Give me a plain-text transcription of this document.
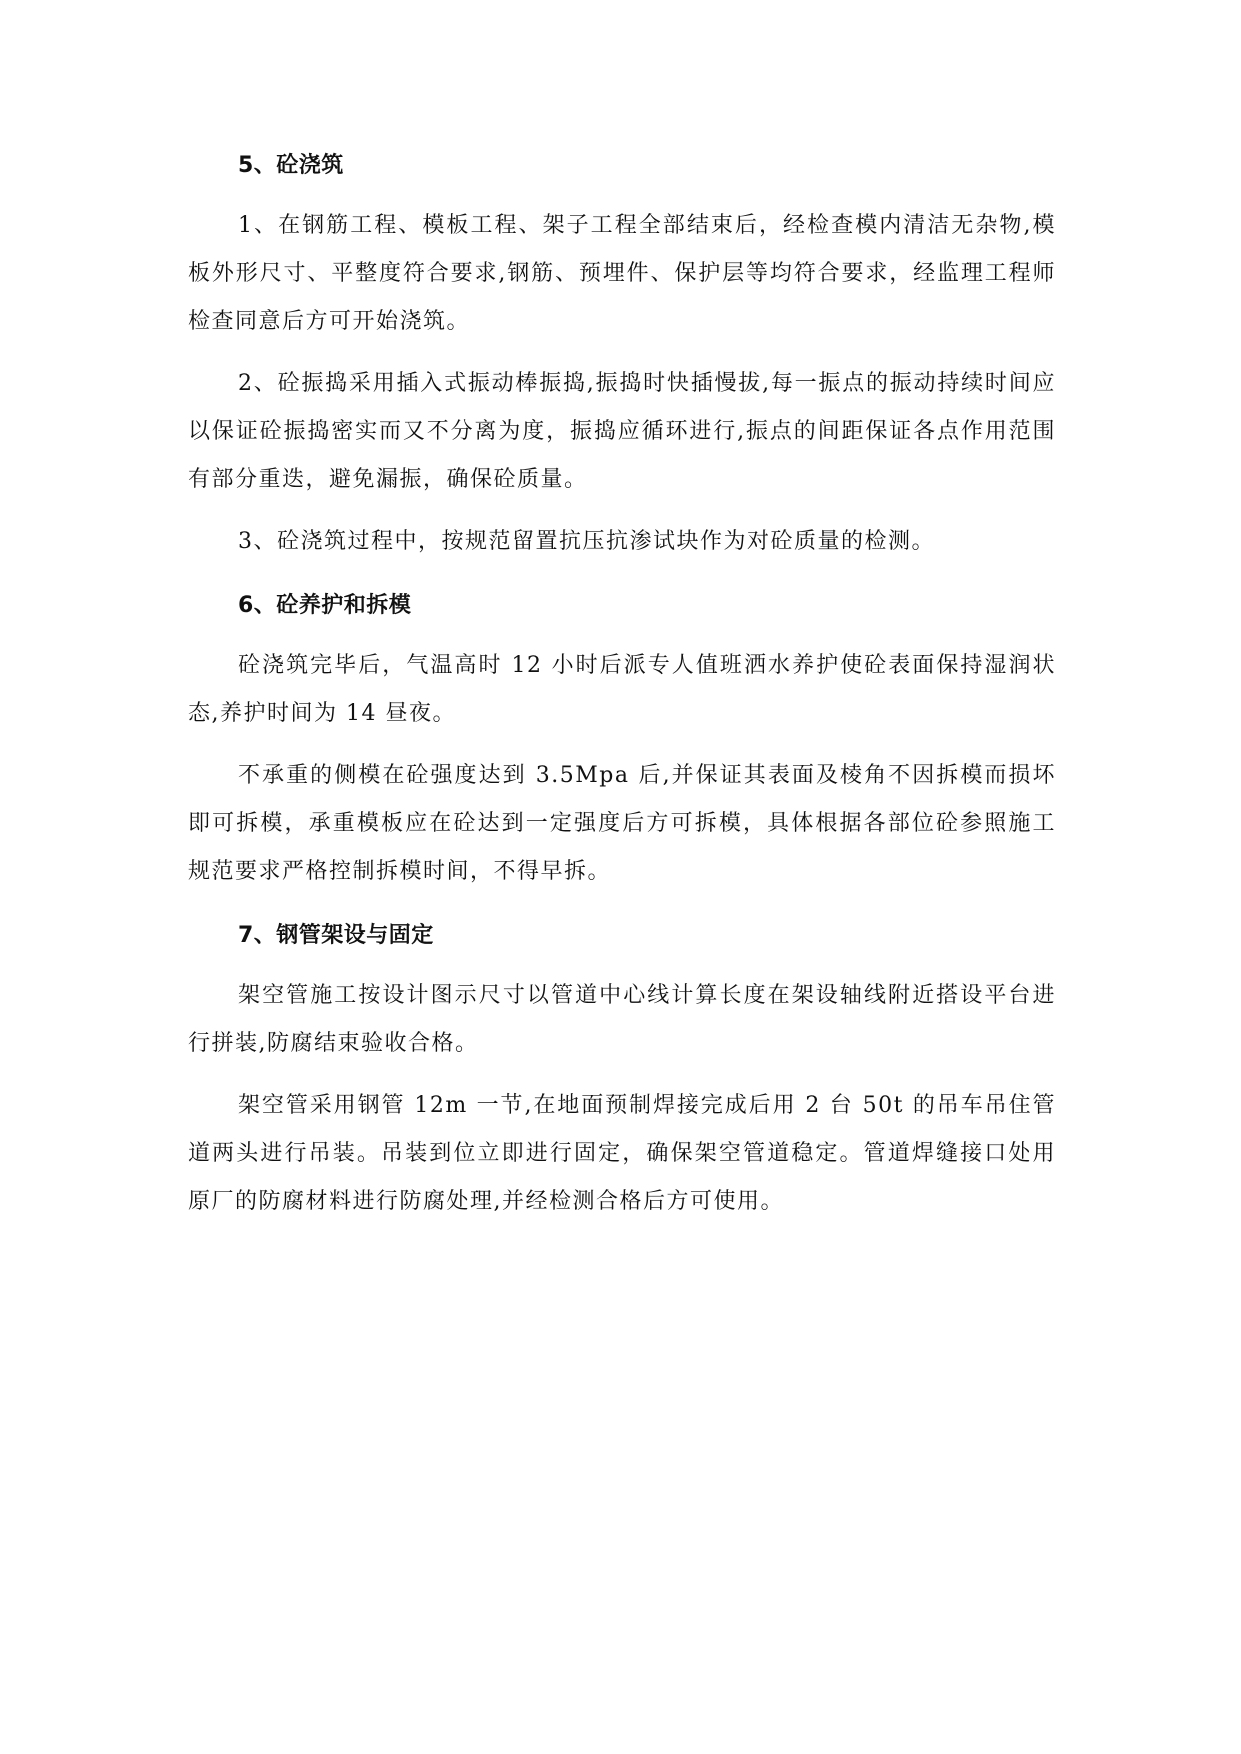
5、砼浇筑

1、在钢筋工程、模板工程、架子工程全部结束后，经检查模内清洁无杂物,模板外形尺寸、平整度符合要求,钢筋、预埋件、保护层等均符合要求，经监理工程师检查同意后方可开始浇筑。

2、砼振捣采用插入式振动棒振捣,振捣时快插慢拔,每一振点的振动持续时间应以保证砼振捣密实而又不分离为度，振捣应循环进行,振点的间距保证各点作用范围有部分重迭，避免漏振，确保砼质量。

3、砼浇筑过程中，按规范留置抗压抗渗试块作为对砼质量的检测。

6、砼养护和拆模

砼浇筑完毕后，气温高时 12 小时后派专人值班洒水养护使砼表面保持湿润状态,养护时间为 14 昼夜。

不承重的侧模在砼强度达到 3.5Mpa 后,并保证其表面及棱角不因拆模而损坏即可拆模，承重模板应在砼达到一定强度后方可拆模，具体根据各部位砼参照施工规范要求严格控制拆模时间，不得早拆。

7、钢管架设与固定

架空管施工按设计图示尺寸以管道中心线计算长度在架设轴线附近搭设平台进行拼装,防腐结束验收合格。

架空管采用钢管 12m 一节,在地面预制焊接完成后用 2 台 50t 的吊车吊住管道两头进行吊装。吊装到位立即进行固定，确保架空管道稳定。管道焊缝接口处用原厂的防腐材料进行防腐处理,并经检测合格后方可使用。
